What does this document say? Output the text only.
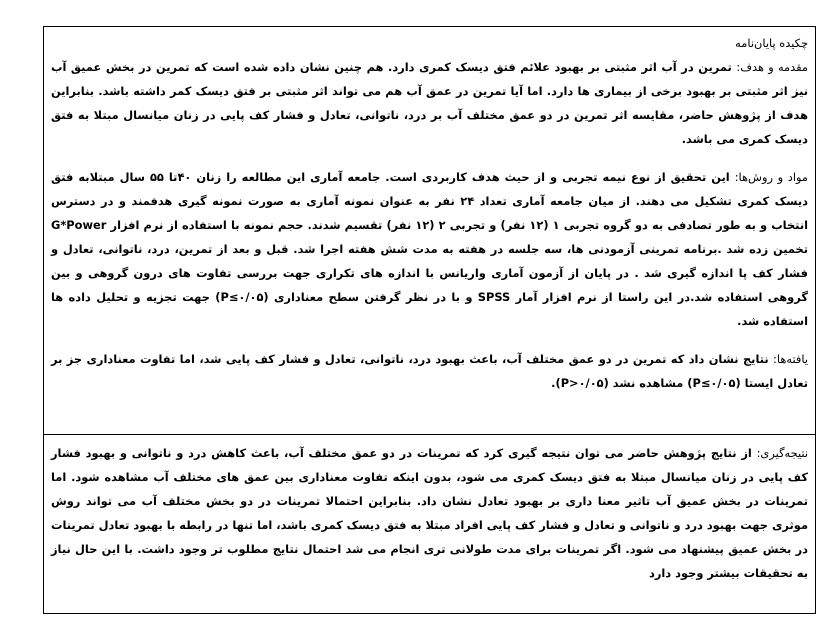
چکیده پایان‌نامه
مقدمه و هدف: تمرین در آب اثر مثبتی بر بهبود علائم فتق دیسک کمری دارد. هم چنین نشان داده شده است که تمرین در بخش عمیق آب نیز اثر مثبتی بر بهبود برخی از بیماری ها دارد. اما آیا تمرین در عمق آب هم می تواند اثر مثبتی بر فتق دیسک کمر داشته باشد. بنابراین هدف از پژوهش حاضر، مقایسه اثر تمرین در دو عمق مختلف آب بر درد، ناتوانی، تعادل و فشار کف پایی در زنان میانسال مبتلا به فتق دیسک کمری می باشد.

مواد و روش‌ها: این تحقیق از نوع نیمه تجربی و از حیث هدف کاربردی است. جامعه آماری این مطالعه را زنان ۴۰تا ۵۵ سال مبتلابه فتق دیسک کمری تشکیل می دهند. از میان جامعه آماری تعداد ۲۴ نفر به عنوان نمونه آماری به صورت نمونه گیری هدفمند و در دسترس انتخاب و به طور تصادفی به دو گروه تجربی ۱ (۱۲ نفر) و تجربی ۲ (۱۲ نفر) تقسیم شدند. حجم نمونه با استفاده از نرم افزار G*Power تخمین زده شد .برنامه تمرینی آزمودنی ها، سه جلسه در هفته به مدت شش هفته اجرا شد. قبل و بعد از تمرین، درد، ناتوانی، تعادل و فشار کف پا اندازه گیری شد . در پایان از آزمون آماری واریانس با اندازه های تکراری جهت بررسی تفاوت های درون گروهی و بین گروهی استفاده شد.در این راستا از نرم افزار آمار SPSS و با در نظر گرفتن سطح معناداری (P≤۰/۰۵) جهت تجزیه و تحلیل داده ها استفاده شد.

یافته‌ها: نتایج نشان داد که تمرین در دو عمق مختلف آب، باعث بهبود درد، ناتوانی، تعادل و فشار کف پایی شد، اما تفاوت معناداری جز بر تعادل ایستا (P≤۰/۰۵) مشاهده نشد (P>۰/۰۵).

نتیجه‌گیری: از نتایج پژوهش حاضر می توان نتیجه گیری کرد که تمرینات در دو عمق مختلف آب، باعث کاهش درد و ناتوانی و بهبود فشار کف پایی در زنان میانسال مبتلا به فتق دیسک کمری می شود، بدون اینکه تفاوت معناداری بین عمق های مختلف آب مشاهده شود. اما تمرینات در بخش عمیق آب تاثیر معنا داری بر بهبود تعادل نشان داد. بنابراین احتمالا تمرینات در دو بخش مختلف آب می تواند روش موثری جهت بهبود درد و ناتوانی و تعادل و فشار کف پایی افراد مبتلا به فتق دیسک کمری باشد، اما تنها در رابطه با بهبود تعادل تمرینات در بخش عمیق پیشنهاد می شود. اگر تمرینات برای مدت طولانی تری انجام می شد احتمال نتایج مطلوب تر وجود داشت. با این حال نیاز به تحقیقات بیشتر وجود دارد
